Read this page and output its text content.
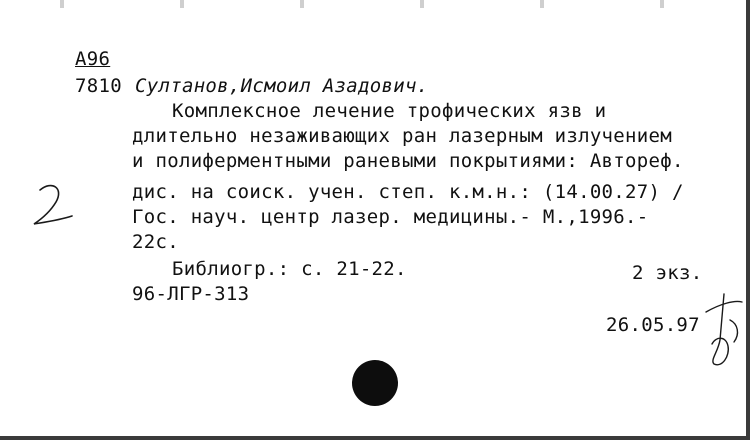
А96
7810 Султанов,Исмоил Азадович.
Комплексное лечение трофических язв и
длительно незаживающих ран лазерным излучением
и полиферментными раневыми покрытиями: Автореф.
дис. на соиск. учен. степ. к.м.н.: (14.00.27) /
Гос. науч. центр лазер. медицины.- М.,1996.-
22с.
Библиогр.: с. 21-22.	2 экз.
96-ЛГР-313
26.05.97
